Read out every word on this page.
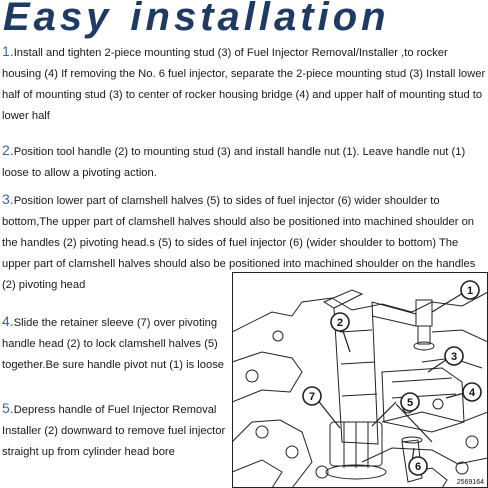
Easy installation

1.Install and tighten 2-piece mounting stud (3) of Fuel Injector Removal/Installer ,to rocker housing (4) If removing the No. 6 fuel injector, separate the 2-piece mounting stud (3) Install lower half of mounting stud (3) to center of rocker housing bridge (4) and upper half of mounting stud to lower half

2.Position tool handle (2) to mounting stud (3) and install handle nut (1). Leave handle nut (1) loose to allow a pivoting action.

3.Position lower part of clamshell halves (5) to sides of fuel injector (6) wider shoulder to bottom,The upper part of clamshell halves should also be positioned into machined shoulder on the handles (2) pivoting head.s (5) to sides of fuel injector (6) (wider shoulder to bottom) The upper part of clamshell halves should also be positioned into machined shoulder on the handles (2) pivoting head

4.Slide the retainer sleeve (7) over pivoting handle head (2) to lock clamshell halves (5) together.Be sure handle pivot nut (1) is loose

5.Depress handle of Fuel Injector Removal Installer (2) downward to remove fuel injector straight up from cylinder head bore

1
2
3
4
5
6
7
2569164
